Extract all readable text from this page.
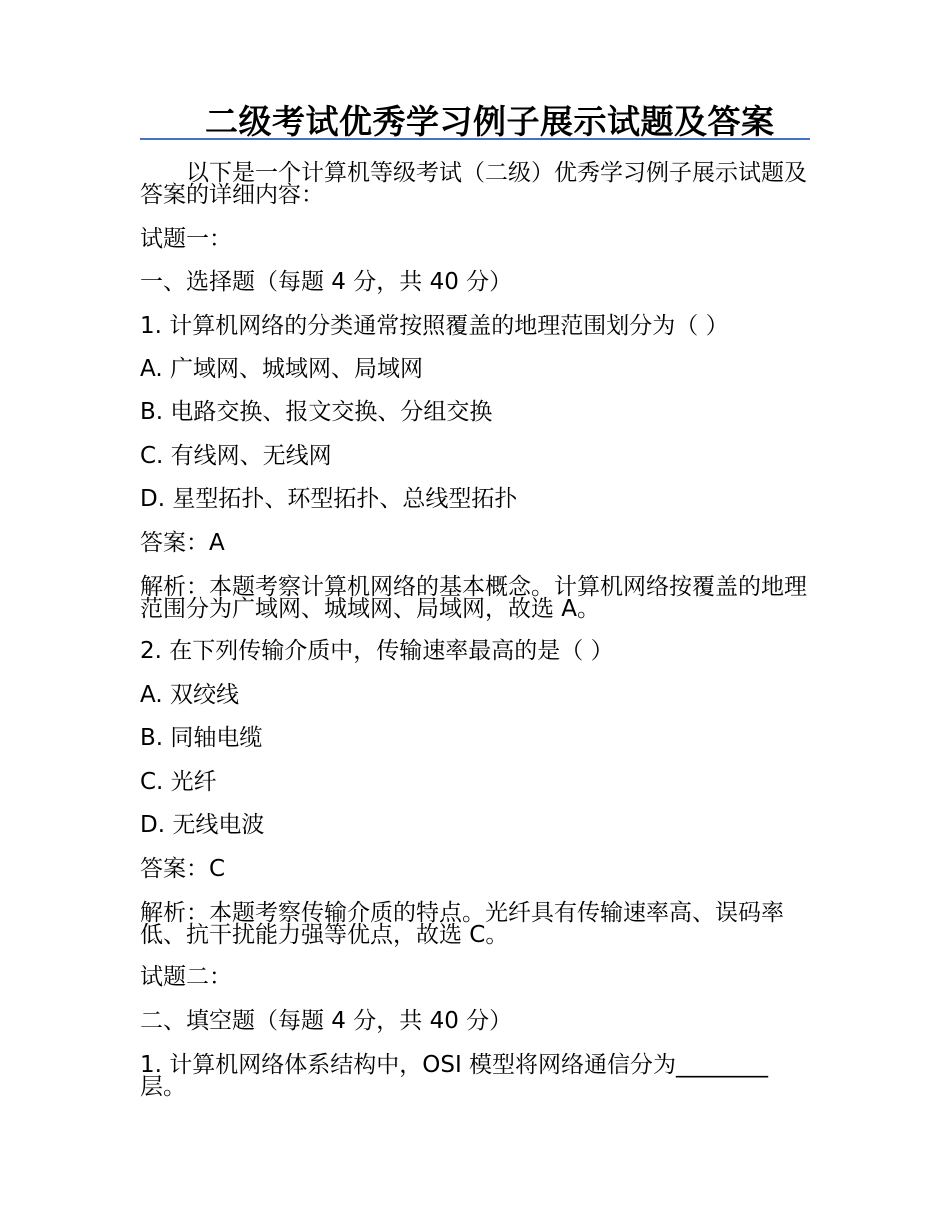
二级考试优秀学习例子展示试题及答案
以下是一个计算机等级考试（二级）优秀学习例子展示试题及答案的详细内容：
试题一：
一、选择题（每题 4 分，共 40 分）
1. 计算机网络的分类通常按照覆盖的地理范围划分为（ ）
A. 广域网、城域网、局域网
B. 电路交换、报文交换、分组交换
C. 有线网、无线网
D. 星型拓扑、环型拓扑、总线型拓扑
答案：A
解析：本题考察计算机网络的基本概念。计算机网络按覆盖的地理范围分为广域网、城域网、局域网，故选 A。
2. 在下列传输介质中，传输速率最高的是（ ）
A. 双绞线
B. 同轴电缆
C. 光纤
D. 无线电波
答案：C
解析：本题考察传输介质的特点。光纤具有传输速率高、误码率低、抗干扰能力强等优点，故选 C。
试题二：
二、填空题（每题 4 分，共 40 分）
1. 计算机网络体系结构中，OSI 模型将网络通信分为________层。
